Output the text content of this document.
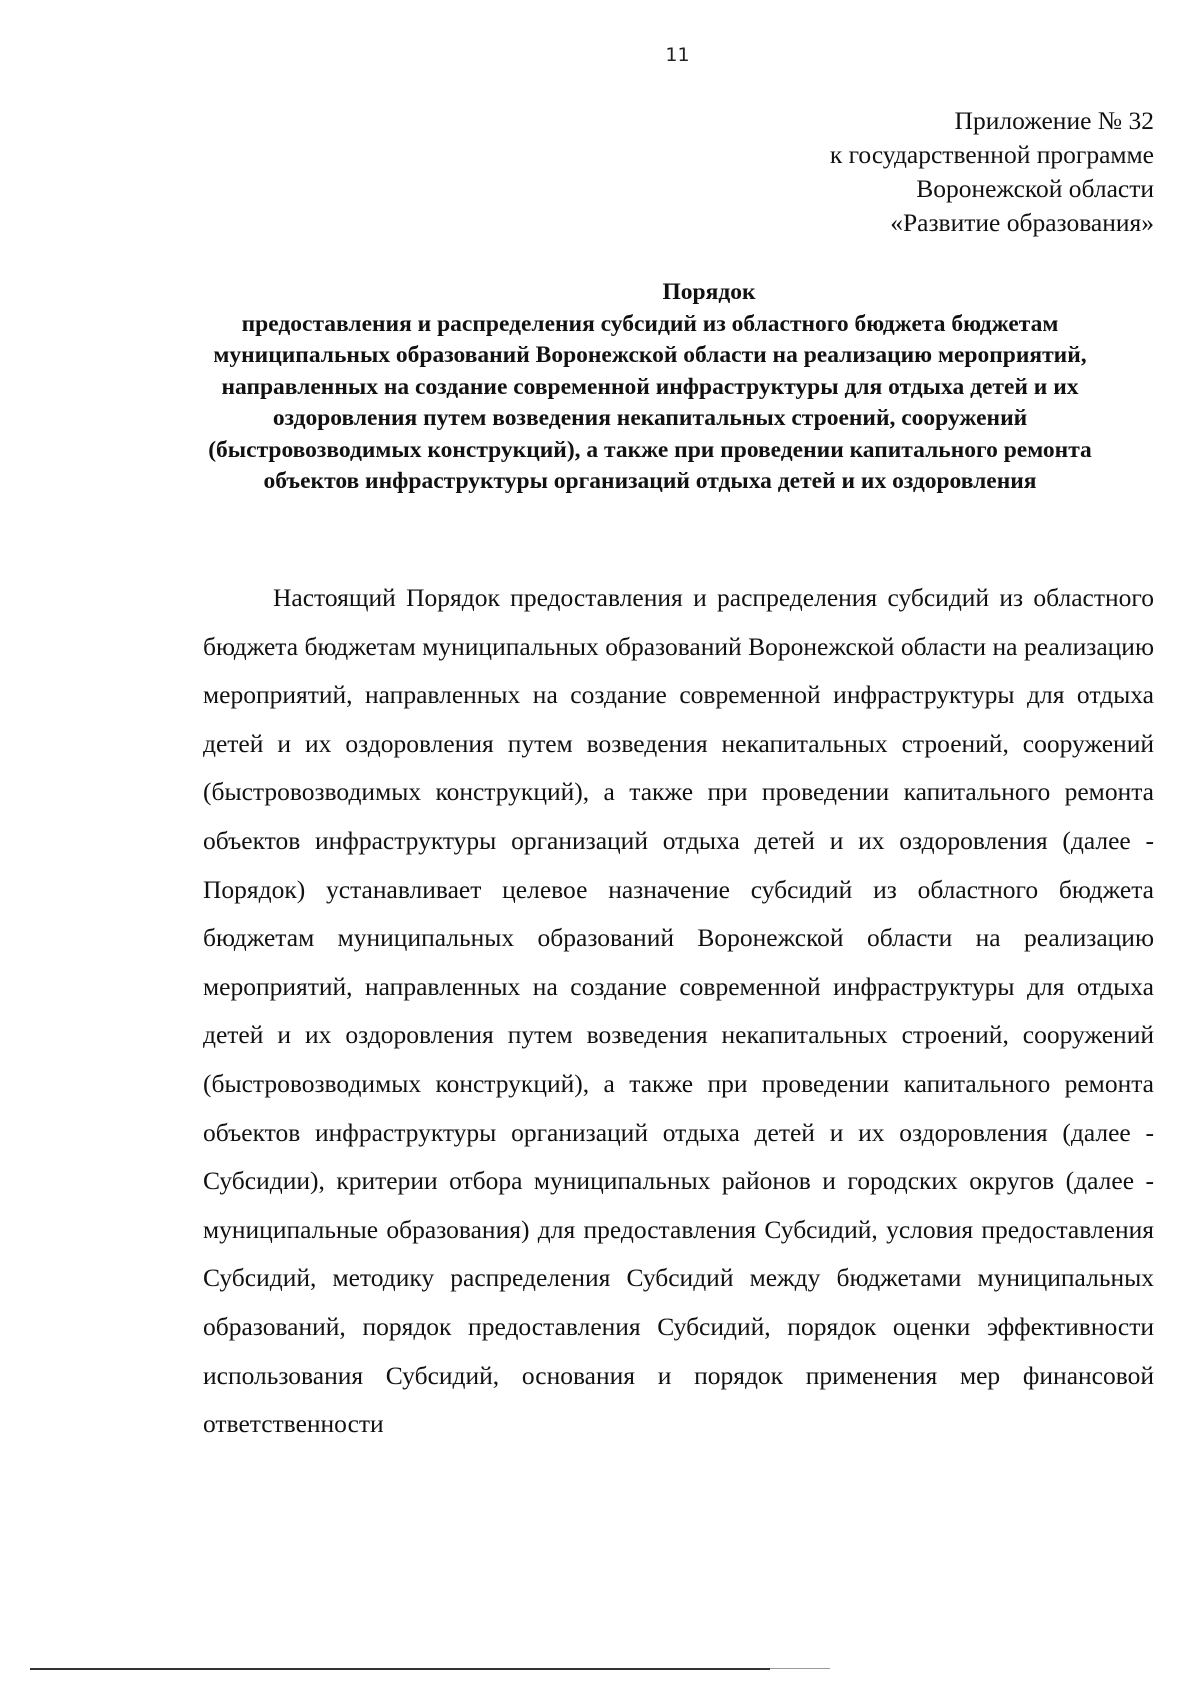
11
Приложение № 32
к государственной программе
Воронежской области
«Развитие образования»
Порядок
предоставления и распределения субсидий из областного бюджета бюджетам муниципальных образований Воронежской области на реализацию мероприятий, направленных на создание современной инфраструктуры для отдыха детей и их оздоровления путем возведения некапитальных строений, сооружений (быстровозводимых конструкций), а также при проведении капитального ремонта объектов инфраструктуры организаций отдыха детей и их оздоровления

Настоящий Порядок предоставления и распределения субсидий из областного бюджета бюджетам муниципальных образований Воронежской области на реализацию мероприятий, направленных на создание современной инфраструктуры для отдыха детей и их оздоровления путем возведения некапитальных строений, сооружений (быстровозводимых конструкций), а также при проведении капитального ремонта объектов инфраструктуры организаций отдыха детей и их оздоровления (далее - Порядок) устанавливает целевое назначение субсидий из областного бюджета бюджетам муниципальных образований Воронежской области на реализацию мероприятий, направленных на создание современной инфраструктуры для отдыха детей и их оздоровления путем возведения некапитальных строений, сооружений (быстровозводимых конструкций), а также при проведении капитального ремонта объектов инфраструктуры организаций отдыха детей и их оздоровления (далее - Субсидии), критерии отбора муниципальных районов и городских округов (далее - муниципальные образования) для предоставления Субсидий, условия предоставления Субсидий, методику распределения Субсидий между бюджетами муниципальных образований, порядок предоставления Субсидий, порядок оценки эффективности использования Субсидий, основания и порядок применения мер финансовой ответственности
